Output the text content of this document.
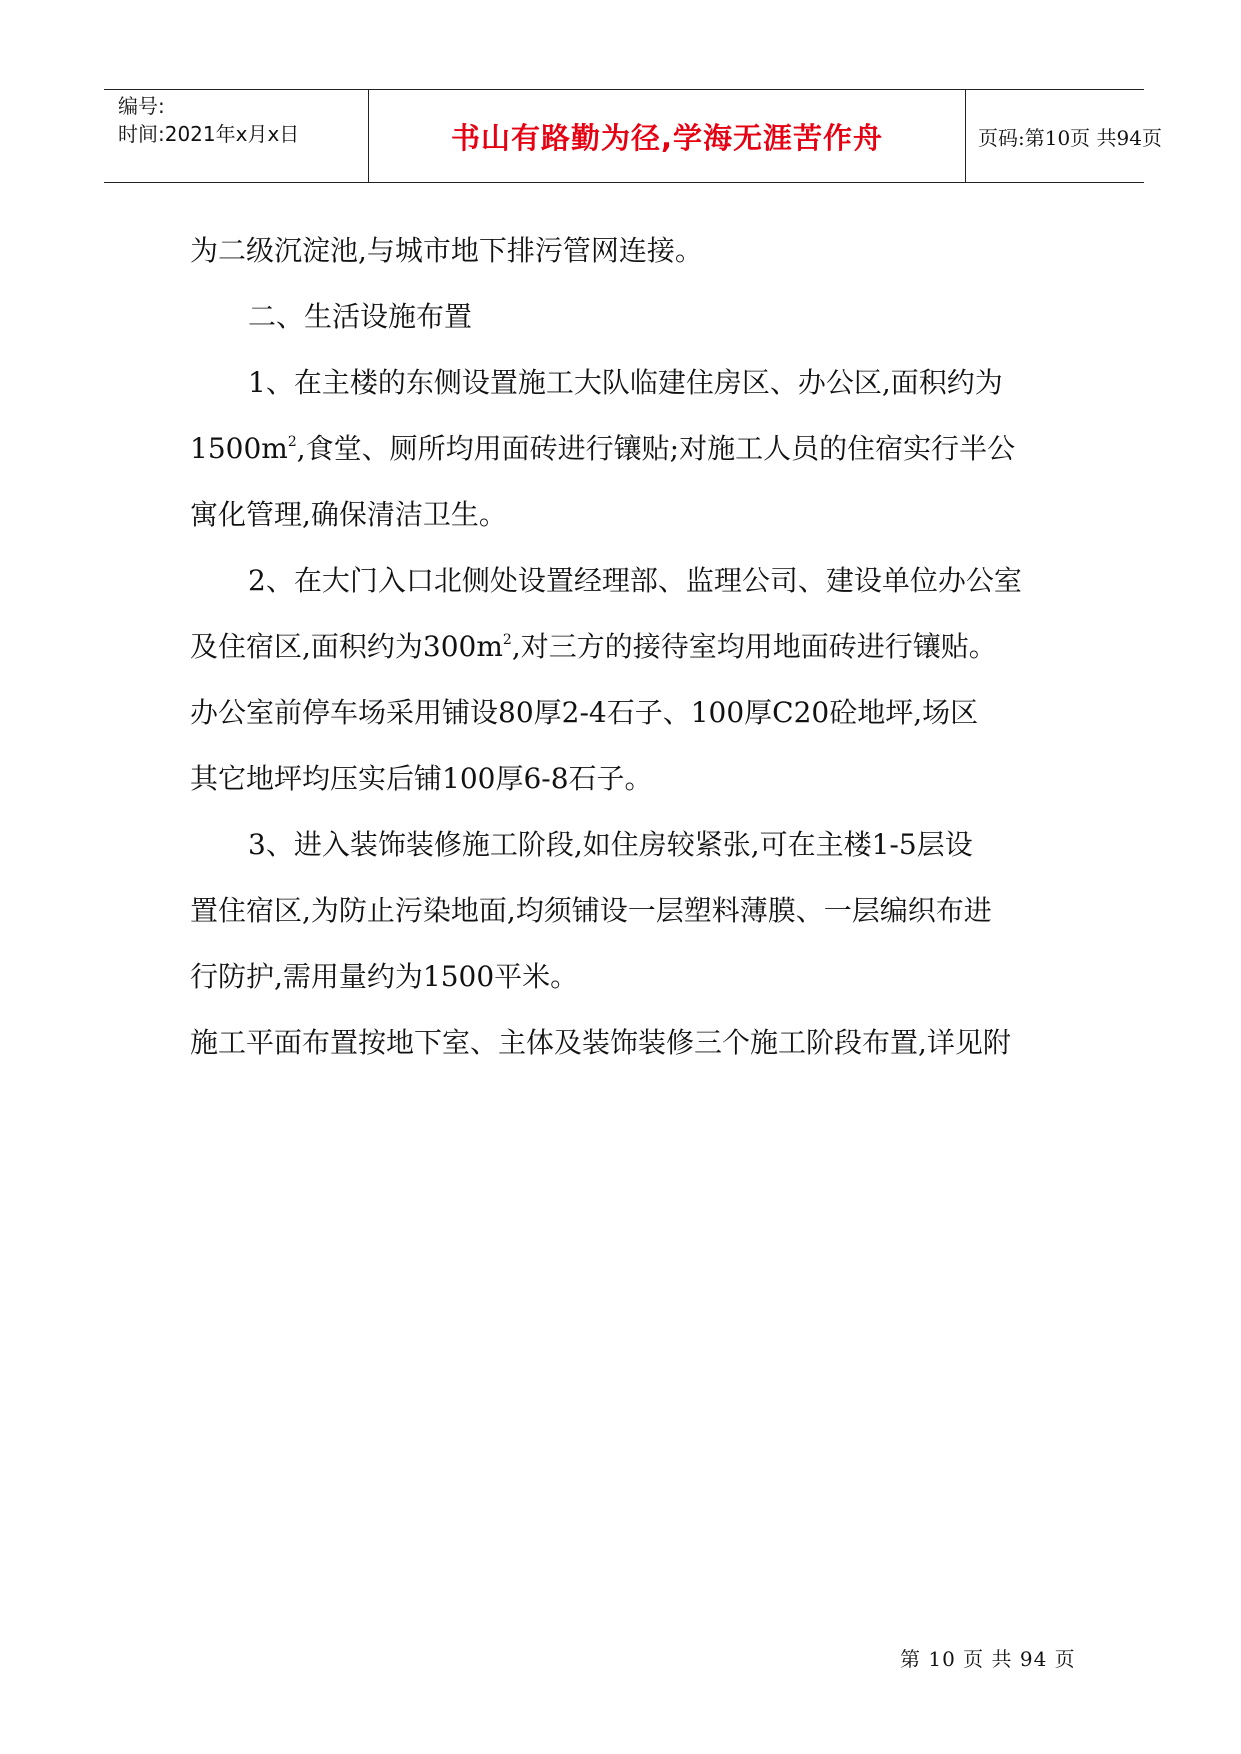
编号:
时间:2021年x月x日	书山有路勤为径,学海无涯苦作舟	页码:第10页 共94页

为二级沉淀池,与城市地下排污管网连接。

二、生活设施布置

1、在主楼的东侧设置施工大队临建住房区、办公区,面积约为

$1500m^2$,食堂、厕所均用面砖进行镶贴;对施工人员的住宿实行半公

寓化管理,确保清洁卫生。

2、在大门入口北侧处设置经理部、监理公司、建设单位办公室

及住宿区,面积约为$300m^2$,对三方的接待室均用地面砖进行镶贴。

办公室前停车场采用铺设80厚2-4石子、100厚C20砼地坪,场区

其它地坪均压实后铺100厚6-8石子。

3、进入装饰装修施工阶段,如住房较紧张,可在主楼1-5层设

置住宿区,为防止污染地面,均须铺设一层塑料薄膜、一层编织布进

行防护,需用量约为1500平米。

施工平面布置按地下室、主体及装饰装修三个施工阶段布置,详见附

第 10 页 共 94 页
